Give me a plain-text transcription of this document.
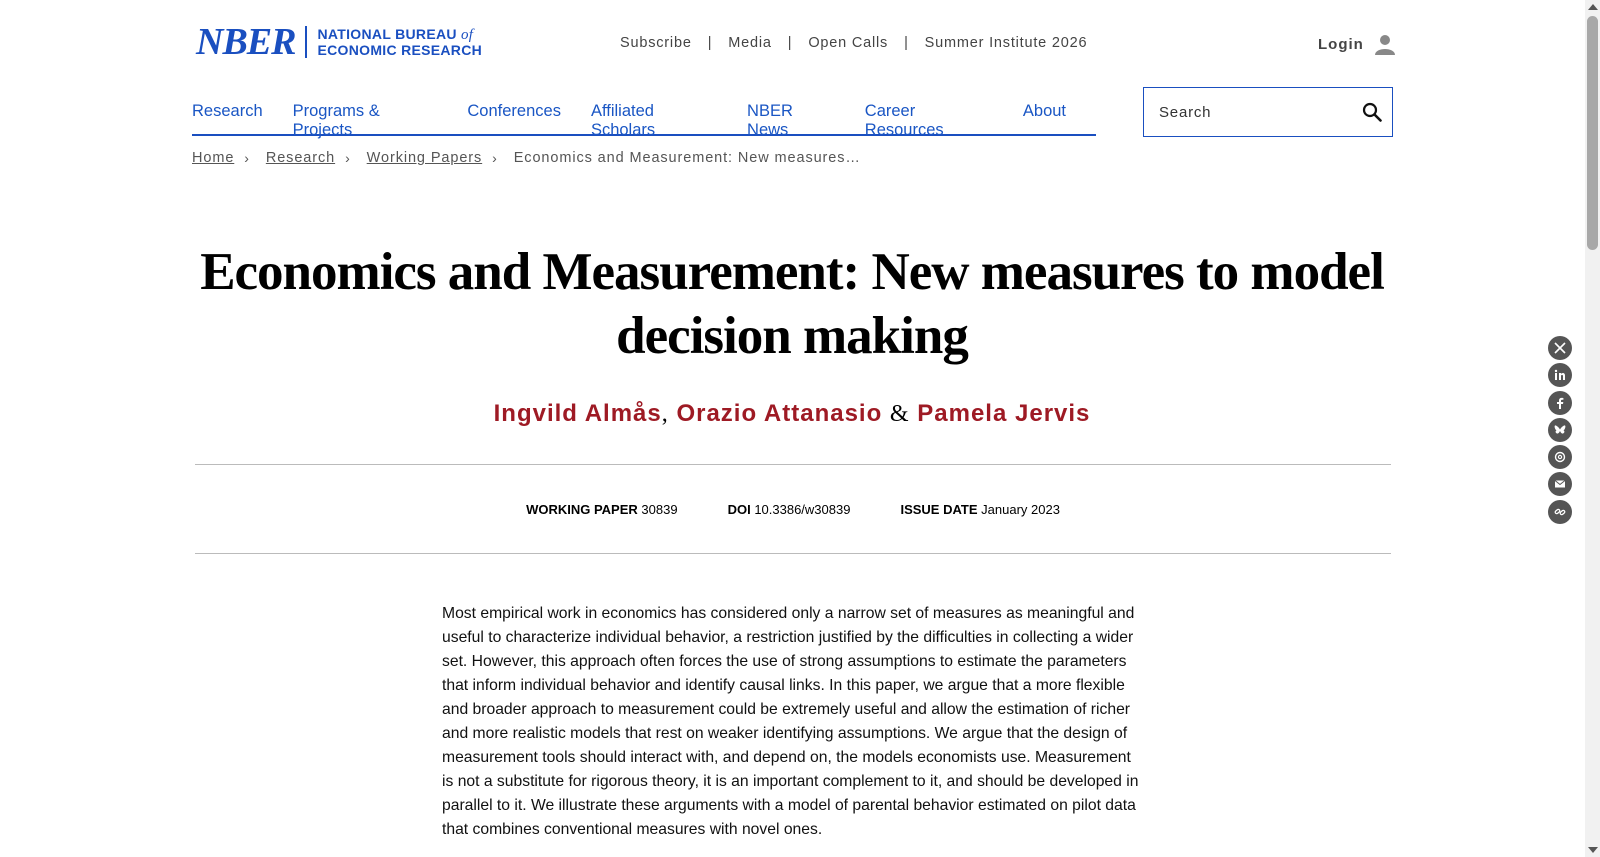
NBER NATIONAL BUREAU of
ECONOMIC RESEARCH	Subscribe | Media | Open Calls | Summer Institute 2026	Login
Research Programs & Projects
Conferences Affiliated Scholars
NBER News
Career Resources
About
Search
Home › Research › Working Papers › Economics and Measurement: New measures…
Economics and Measurement: New measures to model decision making
Ingvild Almås, Orazio Attanasio & Pamela Jervis
WORKING PAPER 30839	DOI 10.3386/w30839	ISSUE DATE January 2023

Most empirical work in economics has considered only a narrow set of measures as meaningful and useful to characterize individual behavior, a restriction justified by the difficulties in collecting a wider set. However, this approach often forces the use of strong assumptions to estimate the parameters that inform individual behavior and identify causal links. In this paper, we argue that a more flexible and broader approach to measurement could be extremely useful and allow the estimation of richer and more realistic models that rest on weaker identifying assumptions. We argue that the design of measurement tools should interact with, and depend on, the models economists use. Measurement is not a substitute for rigorous theory, it is an important complement to it, and should be developed in parallel to it. We illustrate these arguments with a model of parental behavior estimated on pilot data that combines conventional measures with novel ones.
